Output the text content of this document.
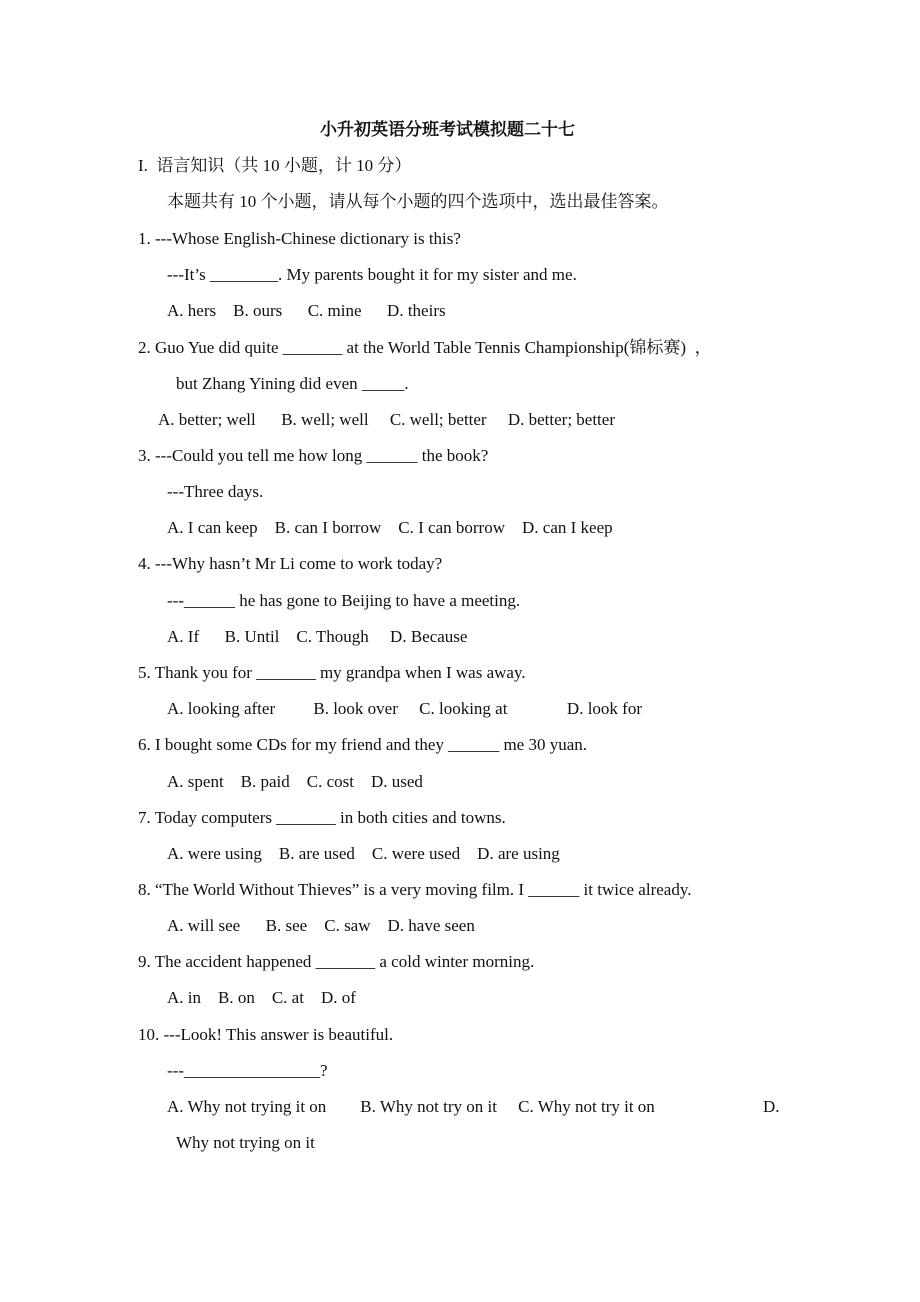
小升初英语分班考试模拟题二十七
I.  语言知识（共 10 小题，计 10 分）
本题共有 10 个小题，请从每个小题的四个选项中，选出最佳答案。
1. ---Whose English-Chinese dictionary is this?
---It’s ________. My parents bought it for my sister and me.
A. hers    B. ours      C. mine      D. theirs
2. Guo Yue did quite _______ at the World Table Tennis Championship(锦标赛)  ，
but Zhang Yining did even _____.
A. better; well      B. well; well     C. well; better     D. better; better
3. ---Could you tell me how long ______ the book?
---Three days.
A. I can keep    B. can I borrow    C. I can borrow    D. can I keep
4. ---Why hasn’t Mr Li come to work today?
---______ he has gone to Beijing to have a meeting.
A. If      B. Until    C. Though     D. Because
5. Thank you for _______ my grandpa when I was away.
A. looking after         B. look over     C. looking at              D. look for
6. I bought some CDs for my friend and they ______ me 30 yuan.
A. spent    B. paid    C. cost    D. used
7. Today computers _______ in both cities and towns.
A. were using    B. are used    C. were used    D. are using
8. “The World Without Thieves” is a very moving film. I ______ it twice already.
A. will see      B. see    C. saw    D. have seen
9. The accident happened _______ a cold winter morning.
A. in    B. on    C. at    D. of
10. ---Look! This answer is beautiful.
---________________?
A. Why not trying it on        B. Why not try on it     C. Why not try it on	D.
Why not trying on it
